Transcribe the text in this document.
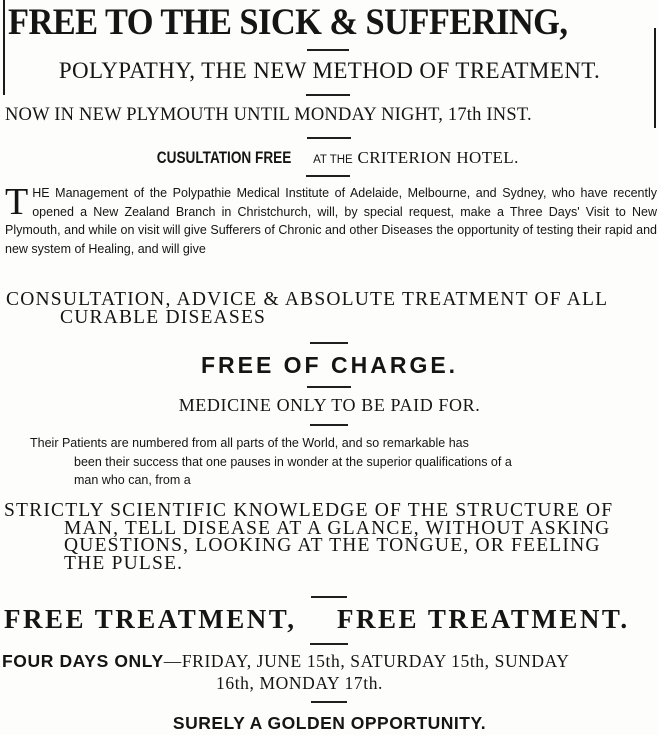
FREE TO THE SICK & SUFFERING,
POLYPATHY, THE NEW METHOD OF TREATMENT.
NOW IN NEW PLYMOUTH UNTIL MONDAY NIGHT, 17th INST.
CUSULTATION FREE AT THE CRITERION HOTEL.
THE Management of the Polypathie Medical Institute of Adelaide, Melbourne, and Sydney, who have recently opened a New Zealand Branch in Christchurch, will, by special request, make a Three Days' Visit to New Plymouth, and while on visit will give Sufferers of Chronic and other Diseases the opportunity of testing their rapid and new system of Healing, and will give
CONSULTATION, ADVICE & ABSOLUTE TREATMENT OF ALL
CURABLE DISEASES
FREE OF CHARGE.
MEDICINE ONLY TO BE PAID FOR.
Their Patients are numbered from all parts of the World, and so remarkable has
been their success that one pauses in wonder at the superior qualifications of a
man who can, from a
STRICTLY SCIENTIFIC KNOWLEDGE OF THE STRUCTURE OF
MAN, TELL DISEASE AT A GLANCE, WITHOUT ASKING
QUESTIONS, LOOKING AT THE TONGUE, OR FEELING
THE PULSE.
FREE TREATMENT, FREE TREATMENT.
FOUR DAYS ONLY—FRIDAY, JUNE 15th, SATURDAY 15th, SUNDAY
16th, MONDAY 17th.
SURELY A GOLDEN OPPORTUNITY.
